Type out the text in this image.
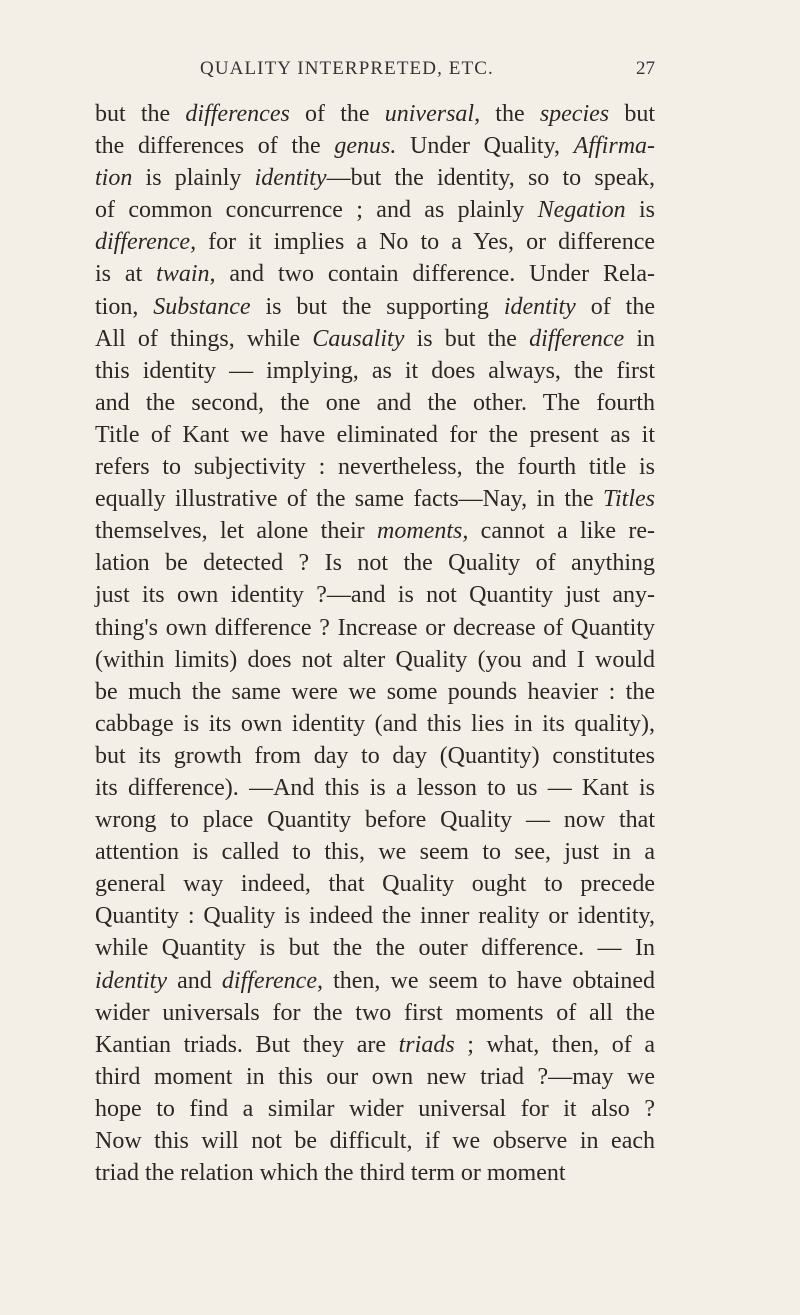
QUALITY INTERPRETED, ETC.	27
but the differences of the universal, the species but
the differences of the genus. Under Quality, Affirma-
tion is plainly identity—but the identity, so to speak,
of common concurrence ; and as plainly Negation is
difference, for it implies a No to a Yes, or difference
is at twain, and two contain difference. Under Rela-
tion, Substance is but the supporting identity of the
All of things, while Causality is but the difference in
this identity — implying, as it does always, the first
and the second, the one and the other. The fourth
Title of Kant we have eliminated for the present as it
refers to subjectivity : nevertheless, the fourth title is
equally illustrative of the same facts—Nay, in the Titles
themselves, let alone their moments, cannot a like re-
lation be detected ? Is not the Quality of anything
just its own identity ?—and is not Quantity just any-
thing's own difference ? Increase or decrease of Quantity
(within limits) does not alter Quality (you and I would
be much the same were we some pounds heavier : the
cabbage is its own identity (and this lies in its quality),
but its growth from day to day (Quantity) constitutes
its difference). —And this is a lesson to us — Kant is
wrong to place Quantity before Quality — now that
attention is called to this, we seem to see, just in a
general way indeed, that Quality ought to precede
Quantity : Quality is indeed the inner reality or identity,
while Quantity is but the the outer difference. — In
identity and difference, then, we seem to have obtained
wider universals for the two first moments of all the
Kantian triads. But they are triads ; what, then, of a
third moment in this our own new triad ?—may we
hope to find a similar wider universal for it also ?
Now this will not be difficult, if we observe in each
triad the relation which the third term or moment
